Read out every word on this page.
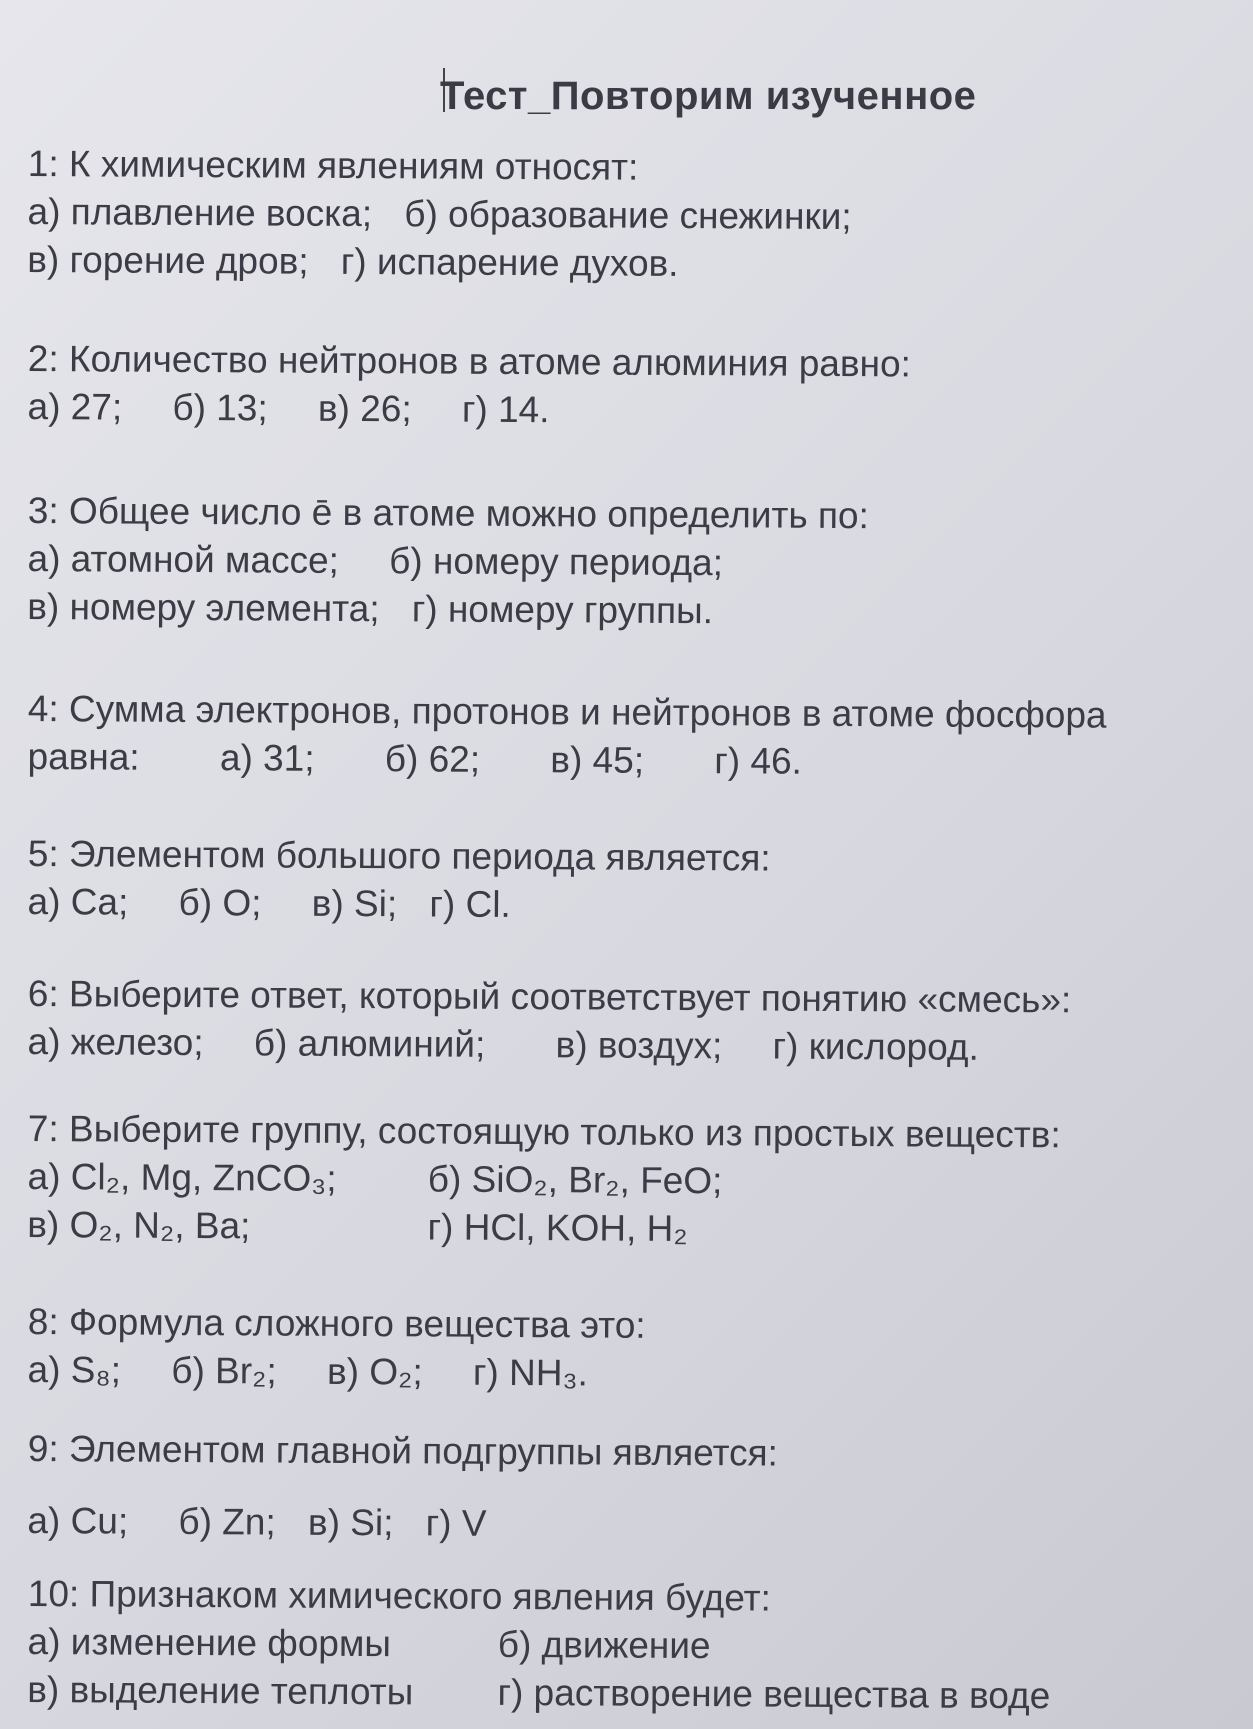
Тест_Повторим изученное
1: К химическим явлениям относят:
а) плавление воска; б) образование снежинки;
в) горение дров; г) испарение духов.
2: Количество нейтронов в атоме алюминия равно:
а) 27; б) 13; в) 26; г) 14.
3: Общее число ē в атоме можно определить по:
а) атомной массе; б) номеру периода;
в) номеру элемента; г) номеру группы.
4: Сумма электронов, протонов и нейтронов в атоме фосфора
равна: а) 31; б) 62; в) 45; г) 46.
5: Элементом большого периода является:
а) Ca; б) O; в) Si; г) Cl.
6: Выберите ответ, который соответствует понятию «смесь»:
а) железо; б) алюминий; в) воздух; г) кислород.
7: Выберите группу, состоящую только из простых веществ:
а) Cl₂, Mg, ZnCO₃; б) SiO₂, Br₂, FeO;
в) O₂, N₂, Ba;	г) HCl, KOH, H₂
8: Формула сложного вещества это:
а) S₈; б) Br₂; в) O₂; г) NH₃.
9: Элементом главной подгруппы является:
а) Cu; б) Zn; в) Si; г) V
10: Признаком химического явления будет:
а) изменение формы	б) движение
в) выделение теплоты г) растворение вещества в воде
